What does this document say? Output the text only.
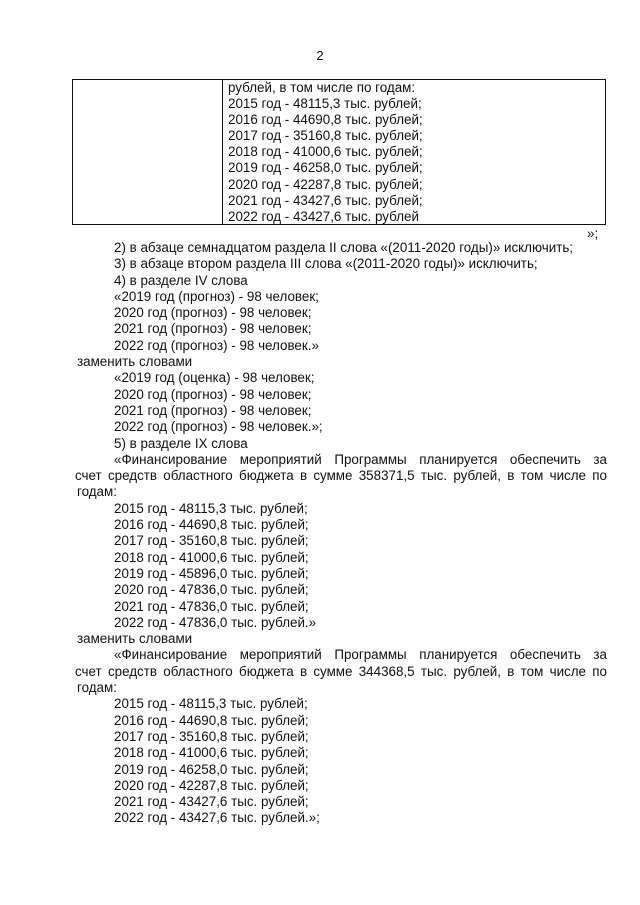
2
рублей, в том числе по годам:
2015 год - 48115,3 тыс. рублей;
2016 год - 44690,8 тыс. рублей;
2017 год - 35160,8 тыс. рублей;
2018 год - 41000,6 тыс. рублей;
2019 год - 46258,0 тыс. рублей;
2020 год - 42287,8 тыс. рублей;
2021 год - 43427,6 тыс. рублей;
2022 год - 43427,6 тыс. рублей
»;
2) в абзаце семнадцатом раздела II слова «(2011-2020 годы)» исключить;
3) в абзаце втором раздела III слова «(2011-2020 годы)» исключить;
4) в разделе IV слова
«2019 год (прогноз) - 98 человек;
2020 год (прогноз) - 98 человек;
2021 год (прогноз) - 98 человек;
2022 год (прогноз) - 98 человек.»
заменить словами
«2019 год (оценка) - 98 человек;
2020 год (прогноз) - 98 человек;
2021 год (прогноз) - 98 человек;
2022 год (прогноз) - 98 человек.»;
5) в разделе IX слова
«Финансирование мероприятий Программы планируется обеспечить за
счет средств областного бюджета в сумме 358371,5 тыс. рублей, в том числе по
годам:
2015 год - 48115,3 тыс. рублей;
2016 год - 44690,8 тыс. рублей;
2017 год - 35160,8 тыс. рублей;
2018 год - 41000,6 тыс. рублей;
2019 год - 45896,0 тыс. рублей;
2020 год - 47836,0 тыс. рублей;
2021 год - 47836,0 тыс. рублей;
2022 год - 47836,0 тыс. рублей.»
заменить словами
«Финансирование мероприятий Программы планируется обеспечить за
счет средств областного бюджета в сумме 344368,5 тыс. рублей, в том числе по
годам:
2015 год - 48115,3 тыс. рублей;
2016 год - 44690,8 тыс. рублей;
2017 год - 35160,8 тыс. рублей;
2018 год - 41000,6 тыс. рублей;
2019 год - 46258,0 тыс. рублей;
2020 год - 42287,8 тыс. рублей;
2021 год - 43427,6 тыс. рублей;
2022 год - 43427,6 тыс. рублей.»;
